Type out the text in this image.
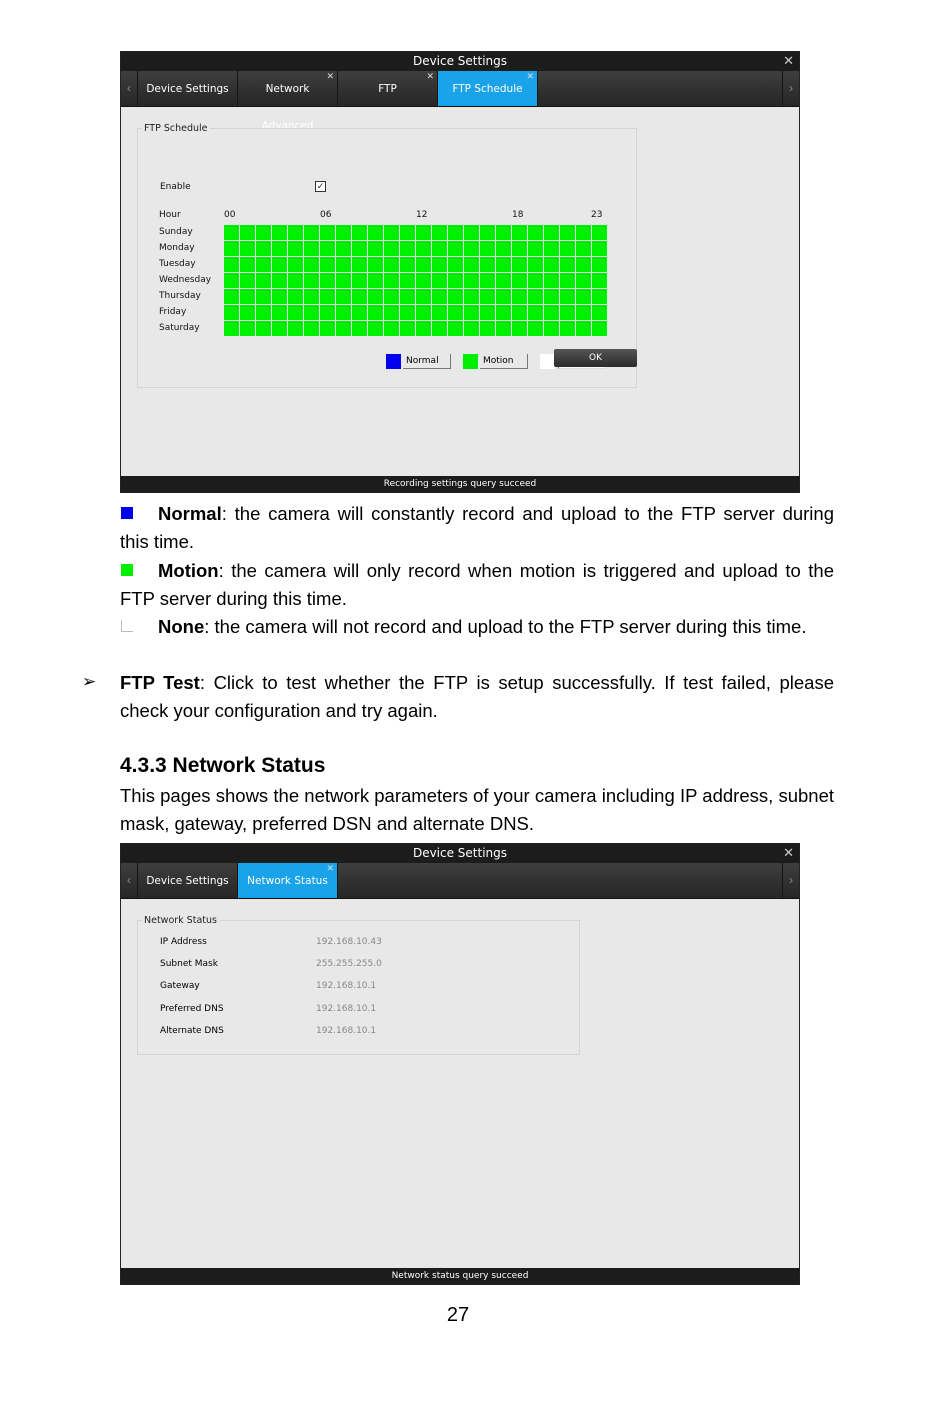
Device Settings	✕
‹	Device Settings
✕
Network Advanced
✕
FTP
✕
FTP Schedule	›
FTP Schedule
Enable	✓
Hour	00	06	12	18	23
Sunday
Monday
Tuesday
Wednesday
Thursday
Friday
Saturday
Normal	Motion	OK
Recording settings query succeed
Normal: the camera will constantly record and upload to the FTP server during this time.
Motion: the camera will only record when motion is triggered and upload to the FTP server during this time.
None: the camera will not record and upload to the FTP server during this time.
➢ FTP Test: Click to test whether the FTP is setup successfully. If test failed, please check your configuration and try again.
4.3.3 Network Status
This pages shows the network parameters of your camera including IP address, subnet mask, gateway, preferred DSN and alternate DNS.
Device Settings	✕
‹	Device Settings
✕
Network Status	›
Network Status
IP Address	192.168.10.43
Subnet Mask	255.255.255.0
Gateway	192.168.10.1
Preferred DNS	192.168.10.1
Alternate DNS	192.168.10.1
Network status query succeed
27
